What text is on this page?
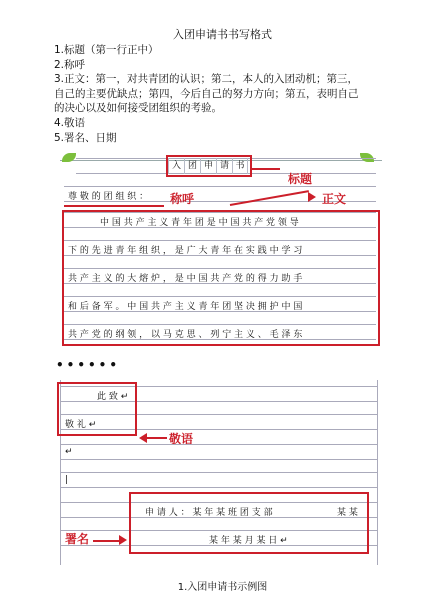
入团申请书书写格式
1.标题（第一行正中）
2.称呼
3.正文：第一，对共青团的认识；第二，本人的入团动机；第三，
自己的主要优缺点；第四，今后自己的努力方向；第五，表明自己
的决心以及如何接受团组织的考验。
4.敬语
5.署名、日期
入 团 申 请 书
标题
尊 敬 的 团 组 织 ： 称呼	正文
中 国 共 产 主 义 青 年 团 是 中 国 共 产 党 领 导
下 的 先 进 青 年 组 织 ， 是 广 大 青 年 在 实 践 中 学 习
共 产 主 义 的 大 熔 炉 ， 是 中 国 共 产 党 的 得 力 助 手
和 后 备 军 。 中 国 共 产 主 义 青 年 团 坚 决 拥 护 中 国
共 产 党 的 纲 领 ， 以 马 克 思 、 列 宁 主 义 、 毛 泽 东
••••••
此 致 ↵
敬 礼 ↵
敬语
↵
|
申 请 人 ： 某 年 某 班 团 支 部	某 某
某 年 某 月 某 日 ↵
署名
1.入团申请书示例图
